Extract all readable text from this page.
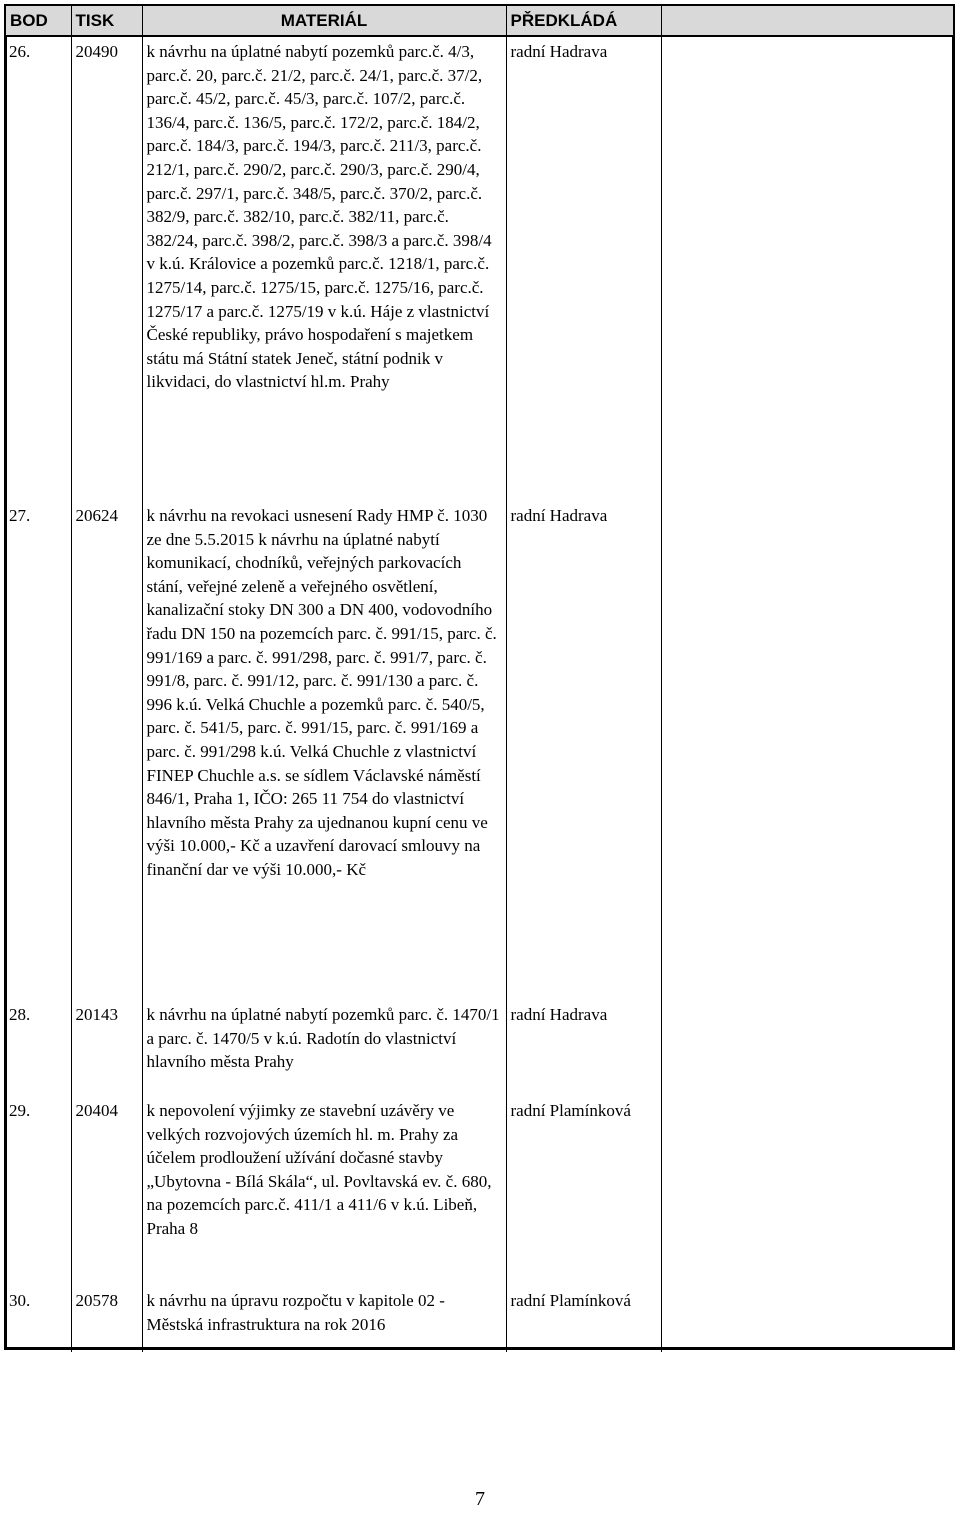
BOD	TISK	MATERIÁL	PŘEDKLÁDÁ	
26.	20490	k návrhu na úplatné nabytí pozemků parc.č. 4/3, parc.č. 20, parc.č. 21/2, parc.č. 24/1, parc.č. 37/2, parc.č. 45/2, parc.č. 45/3, parc.č. 107/2, parc.č. 136/4, parc.č. 136/5, parc.č. 172/2, parc.č. 184/2, parc.č. 184/3, parc.č. 194/3, parc.č. 211/3, parc.č. 212/1, parc.č. 290/2, parc.č. 290/3, parc.č. 290/4, parc.č. 297/1, parc.č. 348/5, parc.č. 370/2, parc.č. 382/9, parc.č. 382/10, parc.č. 382/11, parc.č. 382/24, parc.č. 398/2, parc.č. 398/3 a parc.č. 398/4 v k.ú. Královice a pozemků parc.č. 1218/1, parc.č. 1275/14, parc.č. 1275/15, parc.č. 1275/16, parc.č. 1275/17 a parc.č. 1275/19 v k.ú. Háje z vlastnictví České republiky, právo hospodaření s majetkem státu má Státní statek Jeneč, státní podnik v likvidaci, do vlastnictví hl.m. Prahy	radní Hadrava	
27.	20624	k návrhu na revokaci usnesení Rady HMP č. 1030 ze dne 5.5.2015 k návrhu na úplatné nabytí komunikací, chodníků, veřejných parkovacích stání, veřejné zeleně a veřejného osvětlení, kanalizační stoky DN 300 a DN 400, vodovodního řadu DN 150 na pozemcích parc. č. 991/15, parc. č. 991/169 a parc. č. 991/298, parc. č. 991/7, parc. č. 991/8, parc. č. 991/12, parc. č. 991/130 a parc. č. 996 k.ú. Velká Chuchle a pozemků parc. č. 540/5, parc. č. 541/5, parc. č. 991/15, parc. č. 991/169 a parc. č. 991/298 k.ú. Velká Chuchle z vlastnictví FINEP Chuchle a.s. se sídlem Václavské náměstí 846/1, Praha 1, IČO: 265 11 754 do vlastnictví hlavního města Prahy za ujednanou kupní cenu ve výši 10.000,- Kč a uzavření darovací smlouvy na finanční dar ve výši 10.000,- Kč	radní Hadrava	
28.	20143	k návrhu na úplatné nabytí pozemků parc. č. 1470/1 a parc. č. 1470/5 v k.ú. Radotín do vlastnictví hlavního města Prahy	radní Hadrava	
29.	20404	k nepovolení výjimky ze stavební uzávěry ve velkých rozvojových územích hl. m. Prahy za účelem prodloužení užívání dočasné stavby „Ubytovna - Bílá Skála“, ul. Povltavská ev. č. 680, na pozemcích parc.č. 411/1 a 411/6 v k.ú. Libeň, Praha 8	radní Plamínková	
30.	20578	k návrhu na úpravu rozpočtu v kapitole 02 - Městská infrastruktura na rok 2016	radní Plamínková	
7
